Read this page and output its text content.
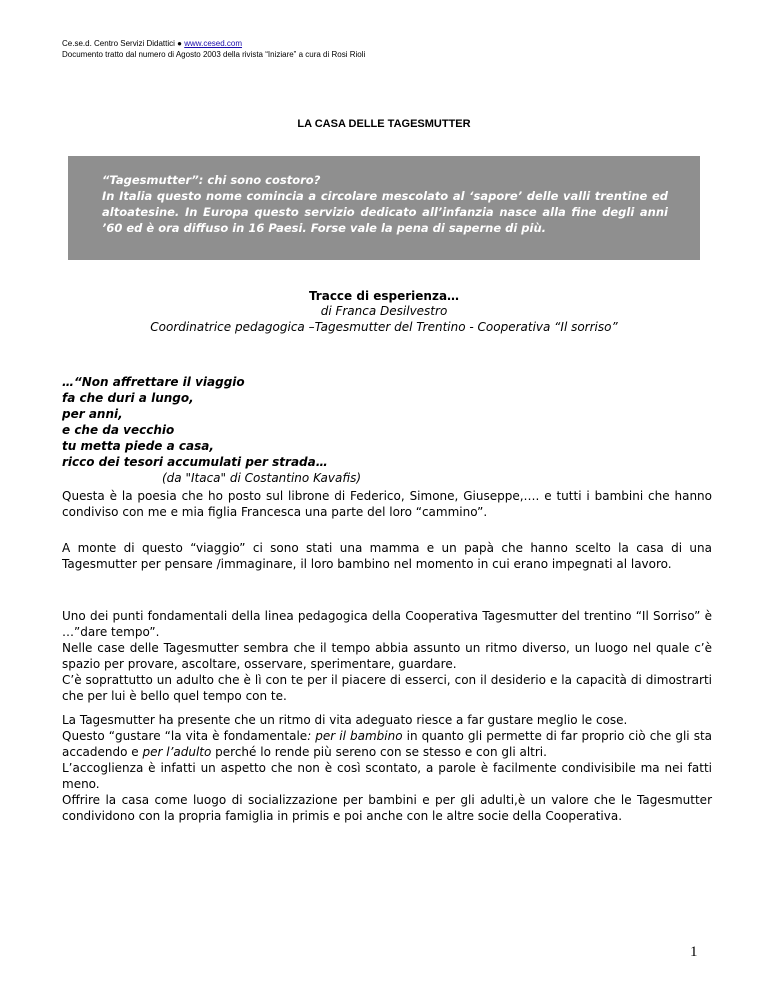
Ce.se.d. Centro Servizi Didattici ● www.cesed.com
Documento tratto dal numero di Agosto 2003 della rivista “Iniziare” a cura di Rosi Rioli
LA CASA DELLE TAGESMUTTER

“Tagesmutter”: chi sono costoro?

In Italia questo nome comincia a circolare mescolato al ‘sapore’ delle valli trentine ed altoatesine. In Europa questo servizio dedicato all’infanzia nasce alla fine degli anni ’60 ed è ora diffuso in 16 Paesi. Forse vale la pena di saperne di più.

Tracce di esperienza…
di Franca Desilvestro
Coordinatrice pedagogica –Tagesmutter del Trentino - Cooperativa “Il sorriso”
…“Non affrettare il viaggio
fa che duri a lungo,
per anni,
e che da vecchio
tu metta piede a casa,
ricco dei tesori accumulati per strada…
(da "Itaca" di Costantino Kavafis)

Questa è la poesia che ho posto sul librone di Federico, Simone, Giuseppe,…. e tutti i bambini che hanno condiviso con me e mia figlia Francesca una parte del loro “cammino”.

A monte di questo “viaggio” ci sono stati una mamma e un papà che hanno scelto la casa di una Tagesmutter per pensare /immaginare, il loro bambino nel momento in cui erano impegnati al lavoro.

Uno dei punti fondamentali della linea pedagogica della Cooperativa Tagesmutter del trentino “Il Sorriso” è …”dare tempo”.

Nelle case delle Tagesmutter sembra che il tempo abbia assunto un ritmo diverso, un luogo nel quale c’è spazio per provare, ascoltare, osservare, sperimentare, guardare.

C’è soprattutto un adulto che è lì con te per il piacere di esserci, con il desiderio e la capacità di dimostrarti che per lui è bello quel tempo con te.

La Tagesmutter ha presente che un ritmo di vita adeguato riesce a far gustare meglio le cose.

Questo “gustare “la vita è fondamentale: per il bambino in quanto gli permette di far proprio ciò che gli sta accadendo e per l’adulto perché lo rende più sereno con se stesso e con gli altri.

L’accoglienza è infatti un aspetto che non è così scontato, a parole è facilmente condivisibile ma nei fatti meno.

Offrire la casa come luogo di socializzazione per bambini e per gli adulti,è un valore che le Tagesmutter condividono con la propria famiglia in primis e poi anche con le altre socie della Cooperativa.

1
